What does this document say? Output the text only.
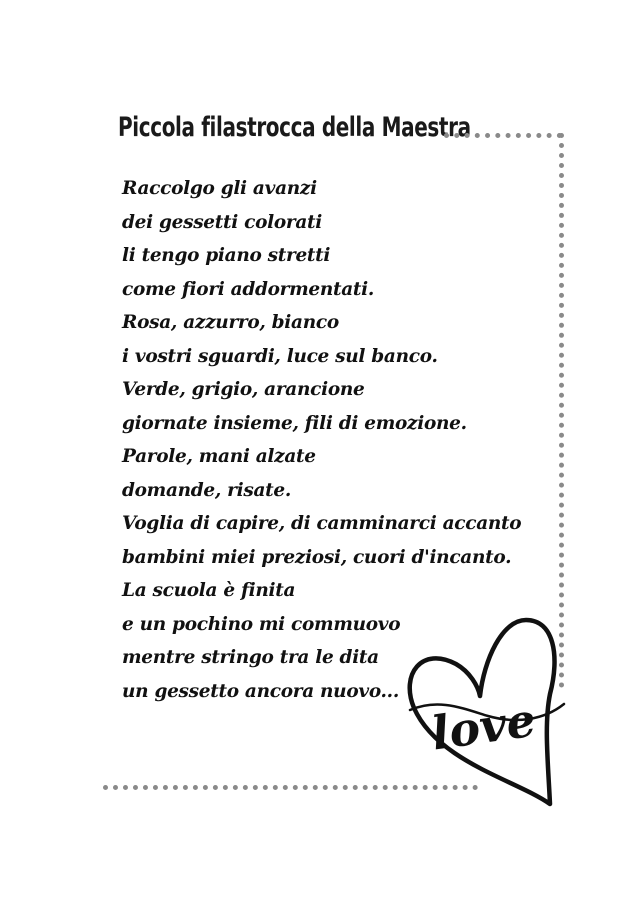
Piccola filastrocca della Maestra
Raccolgo gli avanzi
dei gessetti colorati
li tengo piano stretti
come fiori addormentati.
Rosa, azzurro, bianco
i vostri sguardi, luce sul banco.
Verde, grigio, arancione
giornate insieme, fili di emozione.
Parole, mani alzate
domande, risate.
Voglia di capire, di camminarci accanto
bambini miei preziosi, cuori d'incanto.
La scuola è finita
e un pochino mi commuovo
mentre stringo tra le dita
un gessetto ancora nuovo...
love
